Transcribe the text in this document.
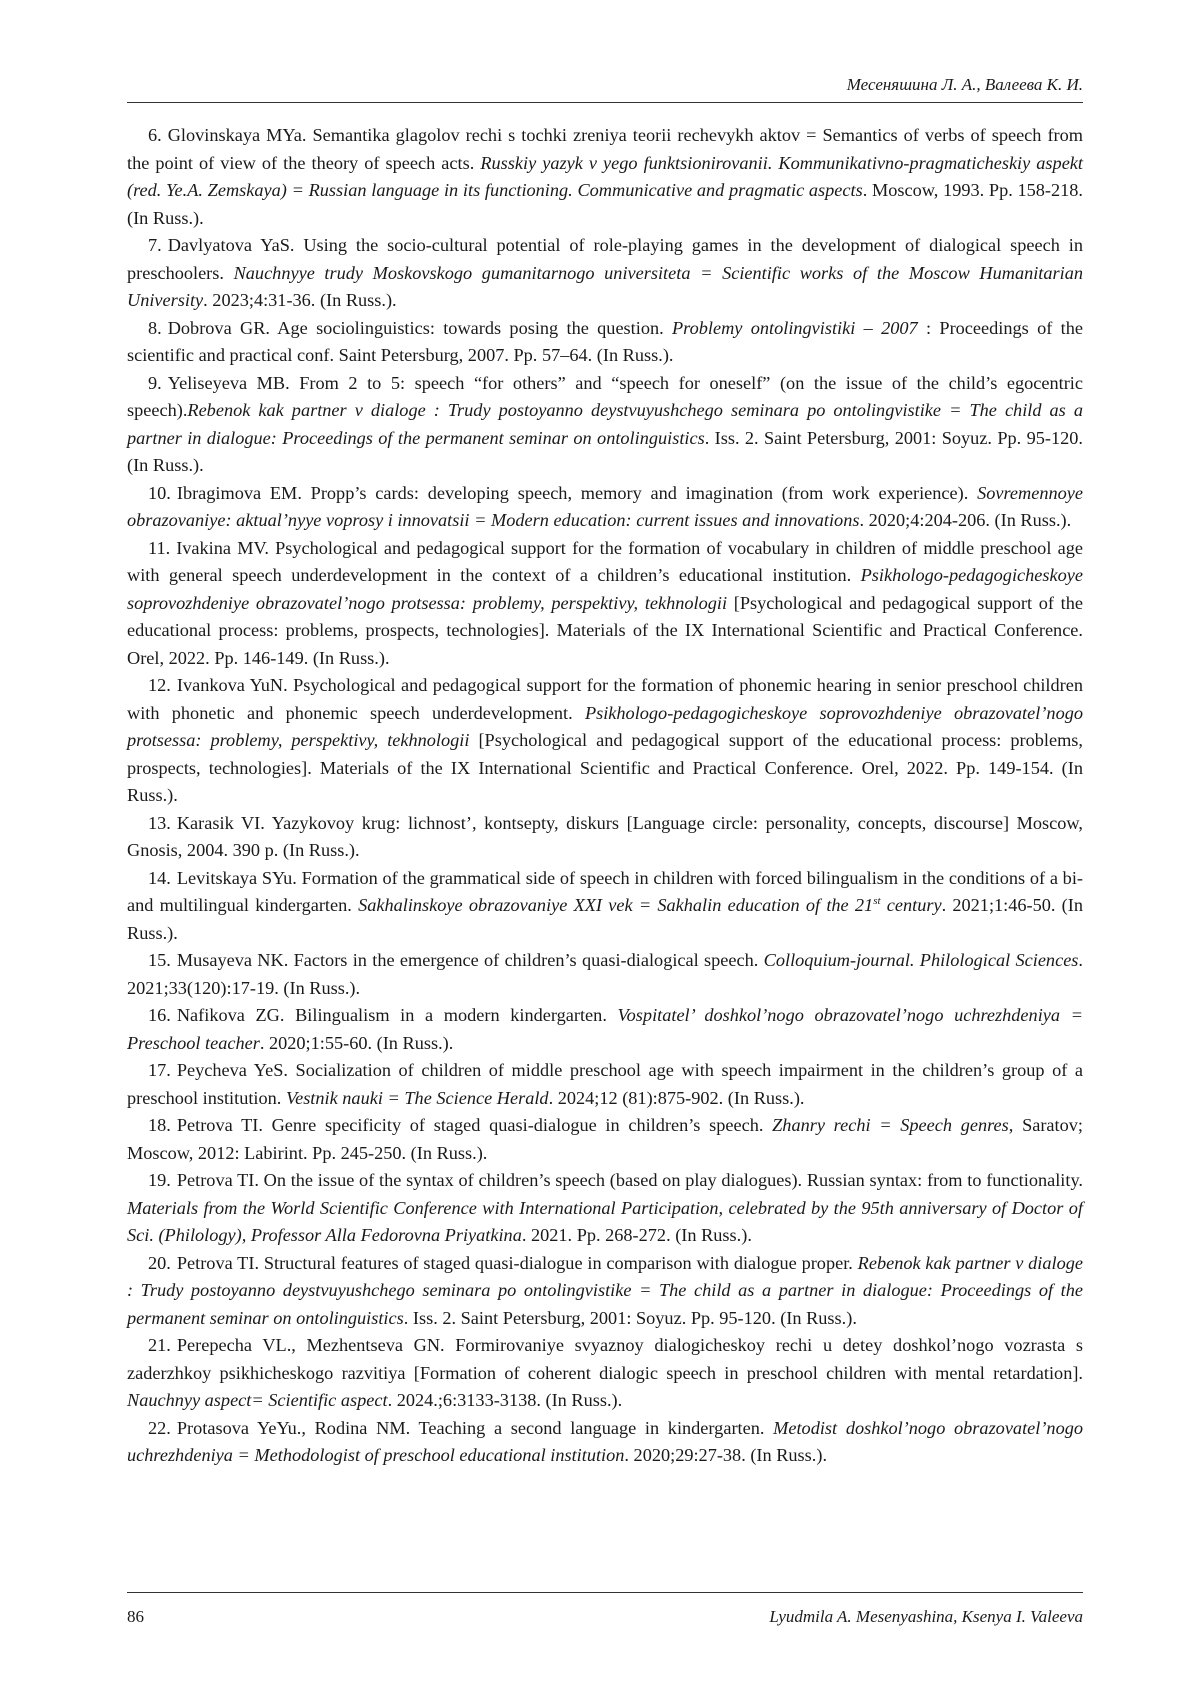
Месеняшина Л. А., Валеева К. И.

6. Glovinskaya MYa. Semantika glagolov rechi s tochki zreniya teorii rechevykh aktov = Semantics of verbs of speech from the point of view of the theory of speech acts. Russkiy yazyk v yego funktsionirovanii. Kommunikativno-pragmaticheskiy aspekt (red. Ye.A. Zemskaya) = Russian language in its functioning. Communicative and pragmatic aspects. Moscow, 1993. Pp. 158-218. (In Russ.).

7. Davlyatova YaS. Using the socio-cultural potential of role-playing games in the development of dialogical speech in preschoolers. Nauchnyye trudy Moskovskogo gumanitarnogo universiteta = Scientific works of the Moscow Humanitarian University. 2023;4:31-36. (In Russ.).

8. Dobrova GR. Age sociolinguistics: towards posing the question. Problemy ontolingvistiki – 2007 : Proceedings of the scientific and practical conf. Saint Petersburg, 2007. Pp. 57–64. (In Russ.).

9. Yeliseyeva MB. From 2 to 5: speech “for others” and “speech for oneself” (on the issue of the child’s egocentric speech).Rebenok kak partner v dialoge : Trudy postoyanno deystvuyushchego seminara po ontolingvistike = The child as a partner in dialogue: Proceedings of the permanent seminar on ontolinguistics. Iss. 2. Saint Petersburg, 2001: Soyuz. Pp. 95-120. (In Russ.).

10. Ibragimova EM. Propp’s cards: developing speech, memory and imagination (from work experience). Sovremennoye obrazovaniye: aktual’nyye voprosy i innovatsii = Modern education: current issues and innovations. 2020;4:204-206. (In Russ.).

11. Ivakina MV. Psychological and pedagogical support for the formation of vocabulary in children of middle preschool age with general speech underdevelopment in the context of a children’s educational institution. Psikhologo-pedagogicheskoye soprovozhdeniye obrazovatel’nogo protsessa: problemy, perspektivy, tekhnologii [Psychological and pedagogical support of the educational process: problems, prospects, technologies]. Materials of the IX International Scientific and Practical Conference. Orel, 2022. Pp. 146-149. (In Russ.).

12. Ivankova YuN. Psychological and pedagogical support for the formation of phonemic hearing in senior preschool children with phonetic and phonemic speech underdevelopment. Psikhologo-pedagogicheskoye soprovozhdeniye obrazovatel’nogo protsessa: problemy, perspektivy, tekhnologii [Psychological and pedagogical support of the educational process: problems, prospects, technologies]. Materials of the IX International Scientific and Practical Conference. Orel, 2022. Pp. 149-154. (In Russ.).

13. Karasik VI. Yazykovoy krug: lichnost’, kontsepty, diskurs [Language circle: personality, concepts, discourse] Moscow, Gnosis, 2004. 390 p. (In Russ.).

14. Levitskaya SYu. Formation of the grammatical side of speech in children with forced bilingualism in the conditions of a bi- and multilingual kindergarten. Sakhalinskoye obrazovaniye XXI vek = Sakhalin education of the 21st century. 2021;1:46-50. (In Russ.).

15. Musayeva NK. Factors in the emergence of children’s quasi-dialogical speech. Colloquium-journal. Philological Sciences. 2021;33(120):17-19. (In Russ.).

16. Nafikova ZG. Bilingualism in a modern kindergarten. Vospitatel’ doshkol’nogo obrazovatel’nogo uchrezhdeniya = Preschool teacher. 2020;1:55-60. (In Russ.).

17. Peycheva YeS. Socialization of children of middle preschool age with speech impairment in the children’s group of a preschool institution. Vestnik nauki = The Science Herald. 2024;12 (81):875-902. (In Russ.).

18. Petrova TI. Genre specificity of staged quasi-dialogue in children’s speech. Zhanry rechi = Speech genres, Saratov; Moscow, 2012: Labirint. Pp. 245-250. (In Russ.).

19. Petrova TI. On the issue of the syntax of children’s speech (based on play dialogues). Russian syntax: from to functionality. Materials from the World Scientific Conference with International Participation, celebrated by the 95th anniversary of Doctor of Sci. (Philology), Professor Alla Fedorovna Priyatkina. 2021. Pp. 268-272. (In Russ.).

20. Petrova TI. Structural features of staged quasi-dialogue in comparison with dialogue proper. Rebenok kak partner v dialoge : Trudy postoyanno deystvuyushchego seminara po ontolingvistike = The child as a partner in dialogue: Proceedings of the permanent seminar on ontolinguistics. Iss. 2. Saint Petersburg, 2001: Soyuz. Pp. 95-120. (In Russ.).

21. Perepecha VL., Mezhentseva GN. Formirovaniye svyaznoy dialogicheskoy rechi u detey doshkol’nogo vozrasta s zaderzhkoy psikhicheskogo razvitiya [Formation of coherent dialogic speech in preschool children with mental retardation]. Nauchnyy aspect= Scientific aspect. 2024.;6:3133-3138. (In Russ.).

22. Protasova YeYu., Rodina NM. Teaching a second language in kindergarten. Metodist doshkol’nogo obrazovatel’nogo uchrezhdeniya = Methodologist of preschool educational institution. 2020;29:27-38. (In Russ.).

86	Lyudmila A. Mesenyashina, Ksenya I. Valeeva
